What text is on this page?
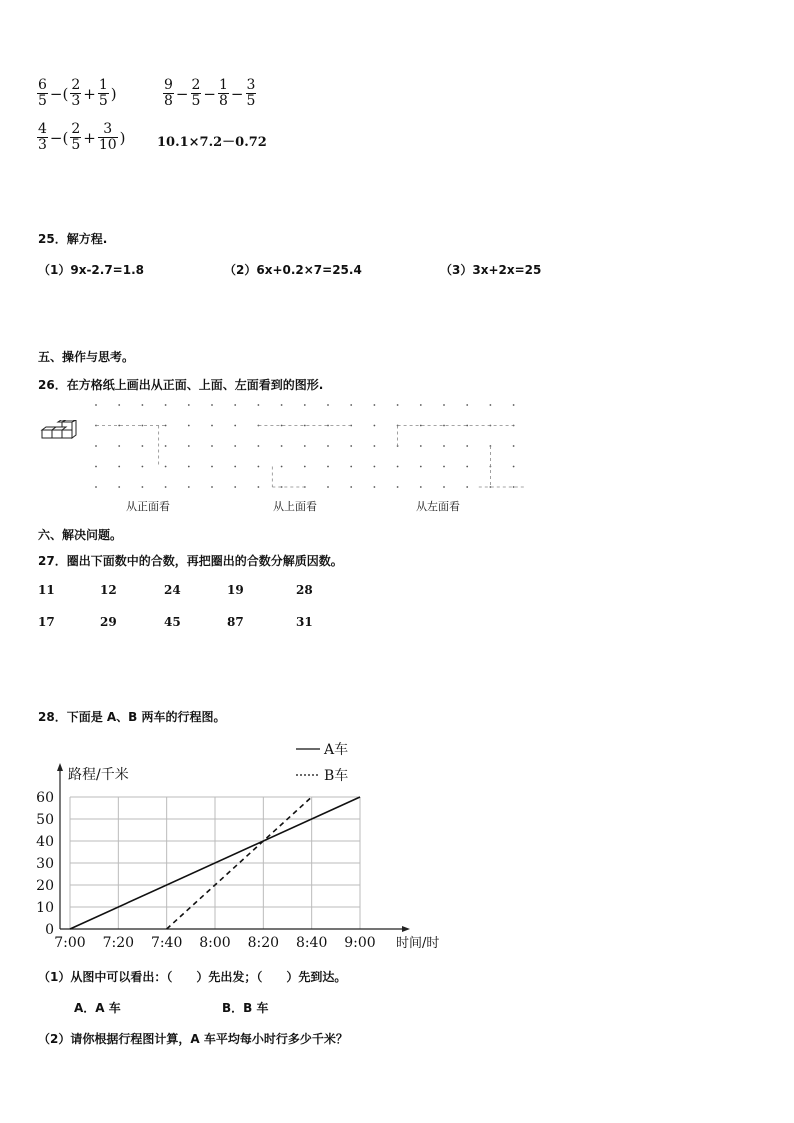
$\frac{6}{5}$ −( $\frac{2}{3} + \frac{1}{5}$ )	$\frac{9}{8} - \frac{2}{5} - \frac{1}{8} - \frac{3}{5}$
$\frac{4}{3}$ −( $\frac{2}{5} + \frac{3}{10}$ ) 10.1×7.2－0.72
25．解方程.
（1）9x-2.7=1.8	（2）6x+0.2×7=25.4	（3）3x+2x=25
五、操作与思考。
26．在方格纸上画出从正面、上面、左面看到的图形.
从正面看	从上面看	从左面看
六、解决问题。
27．圈出下面数中的合数，再把圈出的合数分解质因数。
11	12	24	19	28
17	29	45	87	31
28．下面是 A、B 两车的行程图。
0
10
20
30
40
50
60
7:00 7:20 7:40 8:00 8:20 8:40 9:00
路程/千米
时间/时
A车
B车
（1）从图中可以看出：（　　）先出发；（　　）先到达。
A．A 车	B．B 车
（2）请你根据行程图计算，A 车平均每小时行多少千米？
